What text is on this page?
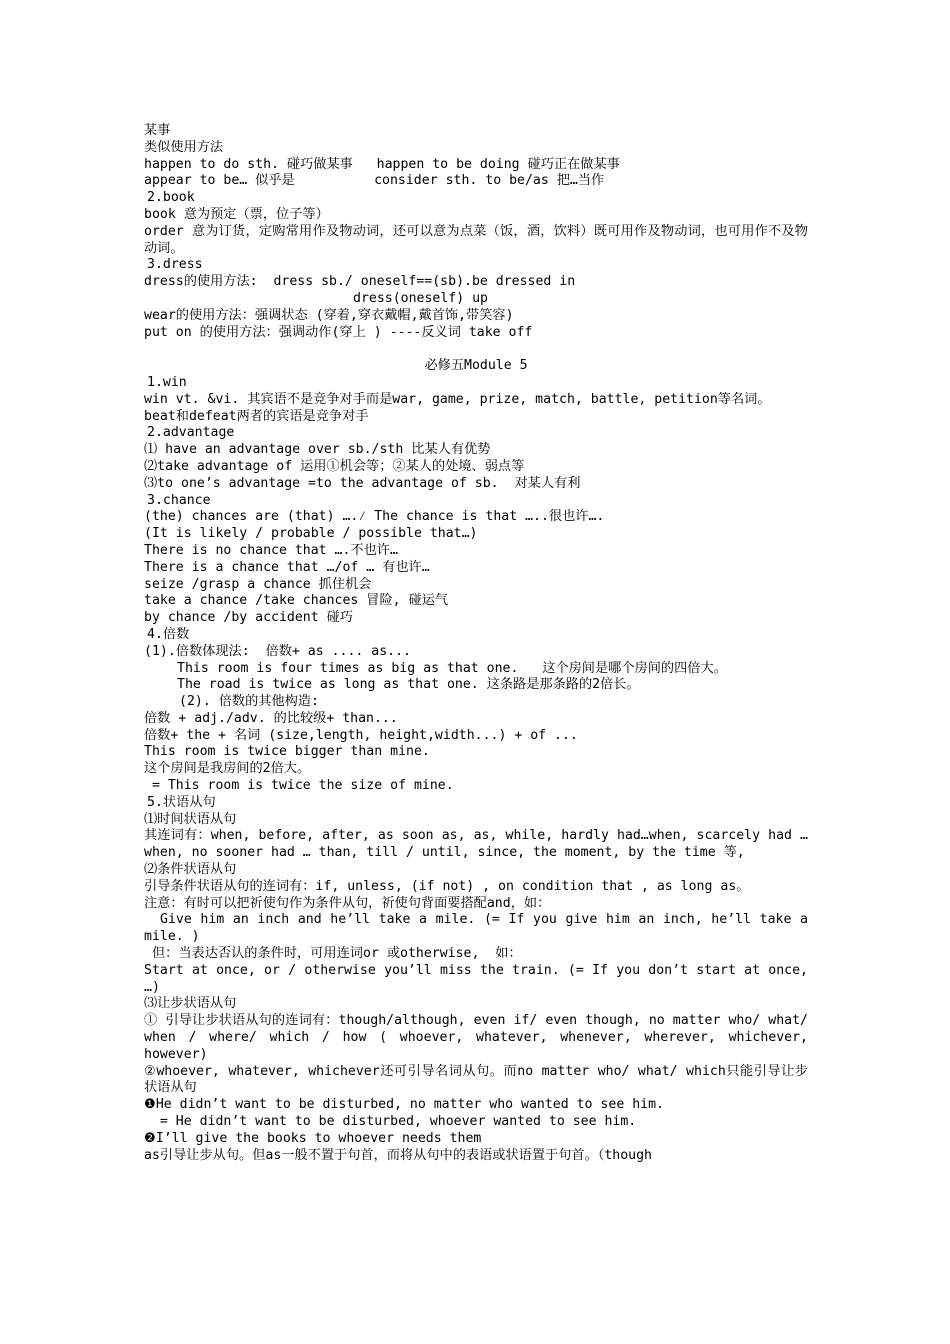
某事
类似使用方法
happen to do sth. 碰巧做某事   happen to be doing 碰巧正在做某事
appear to be… 似乎是          consider sth. to be/as 把…当作
2.book
book 意为预定（票，位子等）
order 意为订货，定购常用作及物动词，还可以意为点菜（饭，酒，饮料）既可用作及物动词，也可用作不及物动词。
3.dress
dress的使用方法:  dress sb./ oneself==(sb).be dressed in
dress(oneself) up
wear的使用方法：强调状态 (穿着,穿衣戴帽,戴首饰,带笑容)
put on 的使用方法：强调动作(穿上 ) ----反义词 take off
必修五Module 5
1.win
win vt. &vi. 其宾语不是竞争对手而是war, game, prize, match, battle, petition等名词。
beat和defeat两者的宾语是竞争对手
2.advantage
⑴ have an advantage over sb./sth 比某人有优势
⑵take advantage of 运用①机会等；②某人的处境、弱点等
⑶to one’s advantage =to the advantage of sb.  对某人有利
3.chance
(the) chances are (that) ….⁄ The chance is that …..很也许….
(It is likely / probable / possible that…)
There is no chance that ….不也许…
There is a chance that …/of … 有也许…
seize /grasp a chance 抓住机会
take a chance /take chances 冒险, 碰运气
by chance /by accident 碰巧
4.倍数
(1).倍数体现法:  倍数+ as .... as...
This room is four times as big as that one.   这个房间是哪个房间的四倍大。
The road is twice as long as that one. 这条路是那条路的2倍长。
(2). 倍数的其他构造:
倍数 + adj./adv. 的比较级+ than...
倍数+ the + 名词 (size,length, height,width...) + of ...
This room is twice bigger than mine.
这个房间是我房间的2倍大。
= This room is twice the size of mine.
5.状语从句
⑴时间状语从句
其连词有：when, before, after, as soon as, as, while, hardly had…when, scarcely had …when, no sooner had … than, till / until, since, the moment, by the time 等,
⑵条件状语从句
引导条件状语从句的连词有：if, unless, (if not) , on condition that , as long as。
注意：有时可以把祈使句作为条件从句，祈使句背面要搭配and，如：
Give him an inch and he’ll take a mile. (= If you give him an inch, he’ll take a mile. )
但：当表达否认的条件时，可用连词or 或otherwise,  如：
Start at once, or / otherwise you’ll miss the train. (= If you don’t start at once, …)
⑶让步状语从句
① 引导让步状语从句的连词有：though/although, even if/ even though, no matter who/ what/ when / where/ which / how ( whoever, whatever, whenever, wherever, whichever, however)
②whoever, whatever, whichever还可引导名词从句。而no matter who/ what/ which只能引导让步状语从句
❶He didn’t want to be disturbed, no matter who wanted to see him.
= He didn’t want to be disturbed, whoever wanted to see him.
❷I’ll give the books to whoever needs them
as引导让步从句。但as一般不置于句首，而将从句中的表语或状语置于句首。（though
